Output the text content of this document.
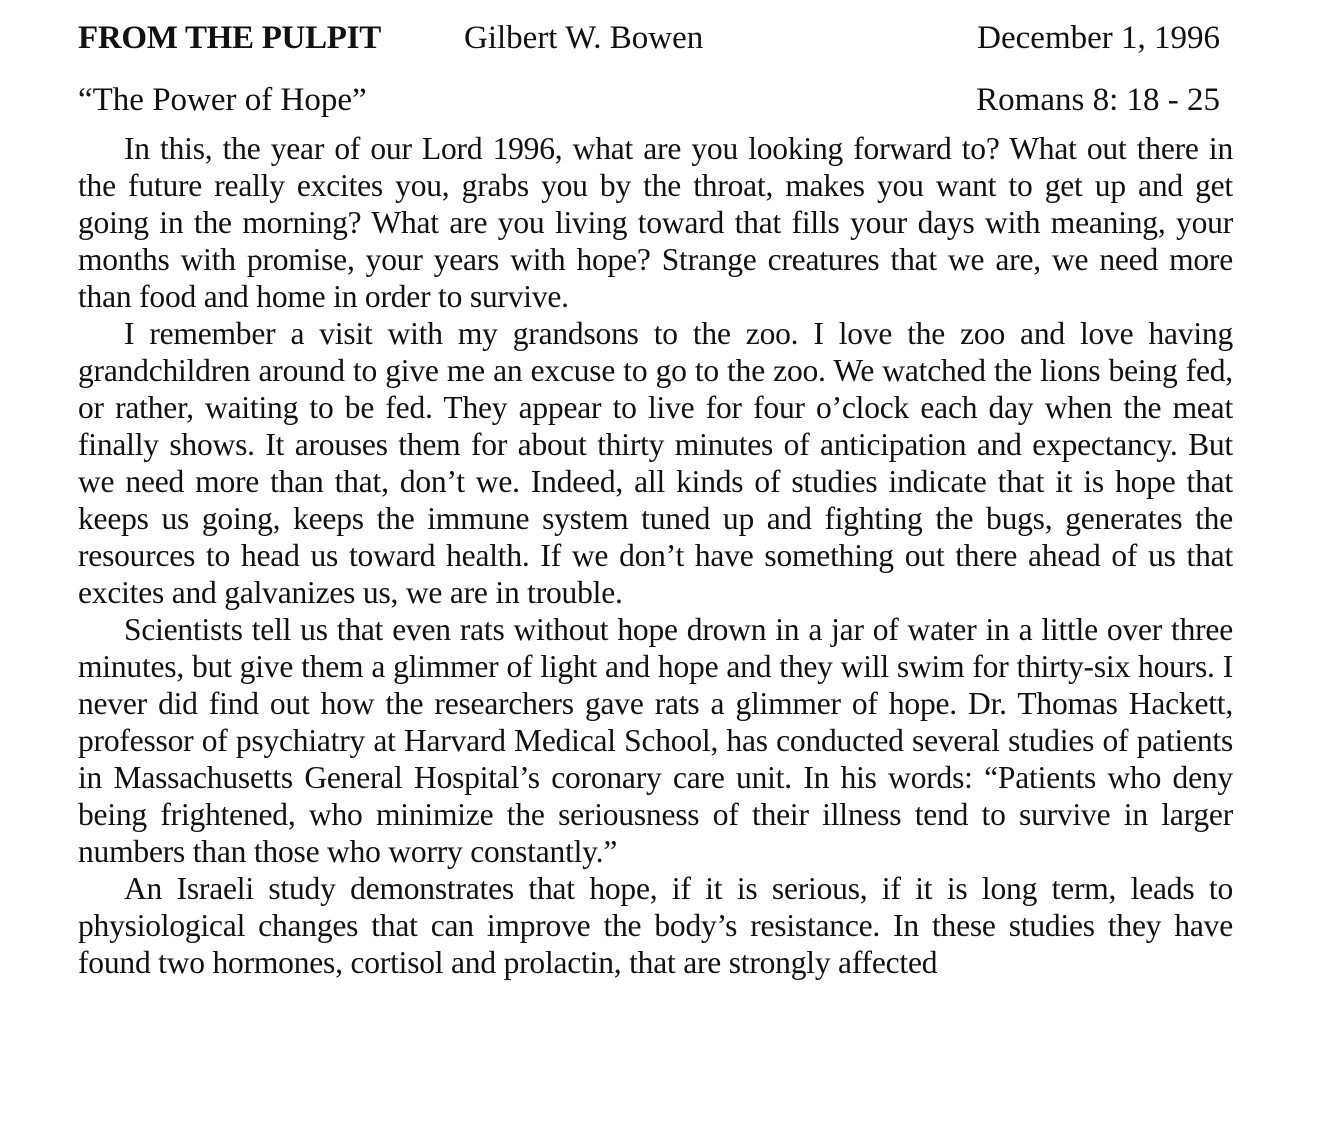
FROM THE PULPIT	Gilbert W. Bowen	December 1, 1996
“The Power of Hope”	Romans 8: 18 - 25

In this, the year of our Lord 1996, what are you looking forward to? What out there in the future really excites you, grabs you by the throat, makes you want to get up and get going in the morning? What are you living toward that fills your days with meaning, your months with promise, your years with hope? Strange creatures that we are, we need more than food and home in order to survive.

I remember a visit with my grandsons to the zoo. I love the zoo and love having grandchildren around to give me an excuse to go to the zoo. We watched the lions being fed, or rather, waiting to be fed. They appear to live for four o’clock each day when the meat finally shows. It arouses them for about thirty minutes of anticipation and expectancy. But we need more than that, don’t we. Indeed, all kinds of studies indicate that it is hope that keeps us going, keeps the immune system tuned up and fighting the bugs, generates the resources to head us toward health. If we don’t have something out there ahead of us that excites and galvanizes us, we are in trouble.

Scientists tell us that even rats without hope drown in a jar of water in a little over three minutes, but give them a glimmer of light and hope and they will swim for thirty-six hours. I never did find out how the researchers gave rats a glimmer of hope. Dr. Thomas Hackett, professor of psychiatry at Harvard Medical School, has conducted several studies of patients in Massachusetts General Hospital’s coronary care unit. In his words: “Patients who deny being frightened, who minimize the seriousness of their illness tend to survive in larger numbers than those who worry constantly.”

An Israeli study demonstrates that hope, if it is serious, if it is long term, leads to physiological changes that can improve the body’s resistance. In these studies they have found two hormones, cortisol and prolactin, that are strongly affected
